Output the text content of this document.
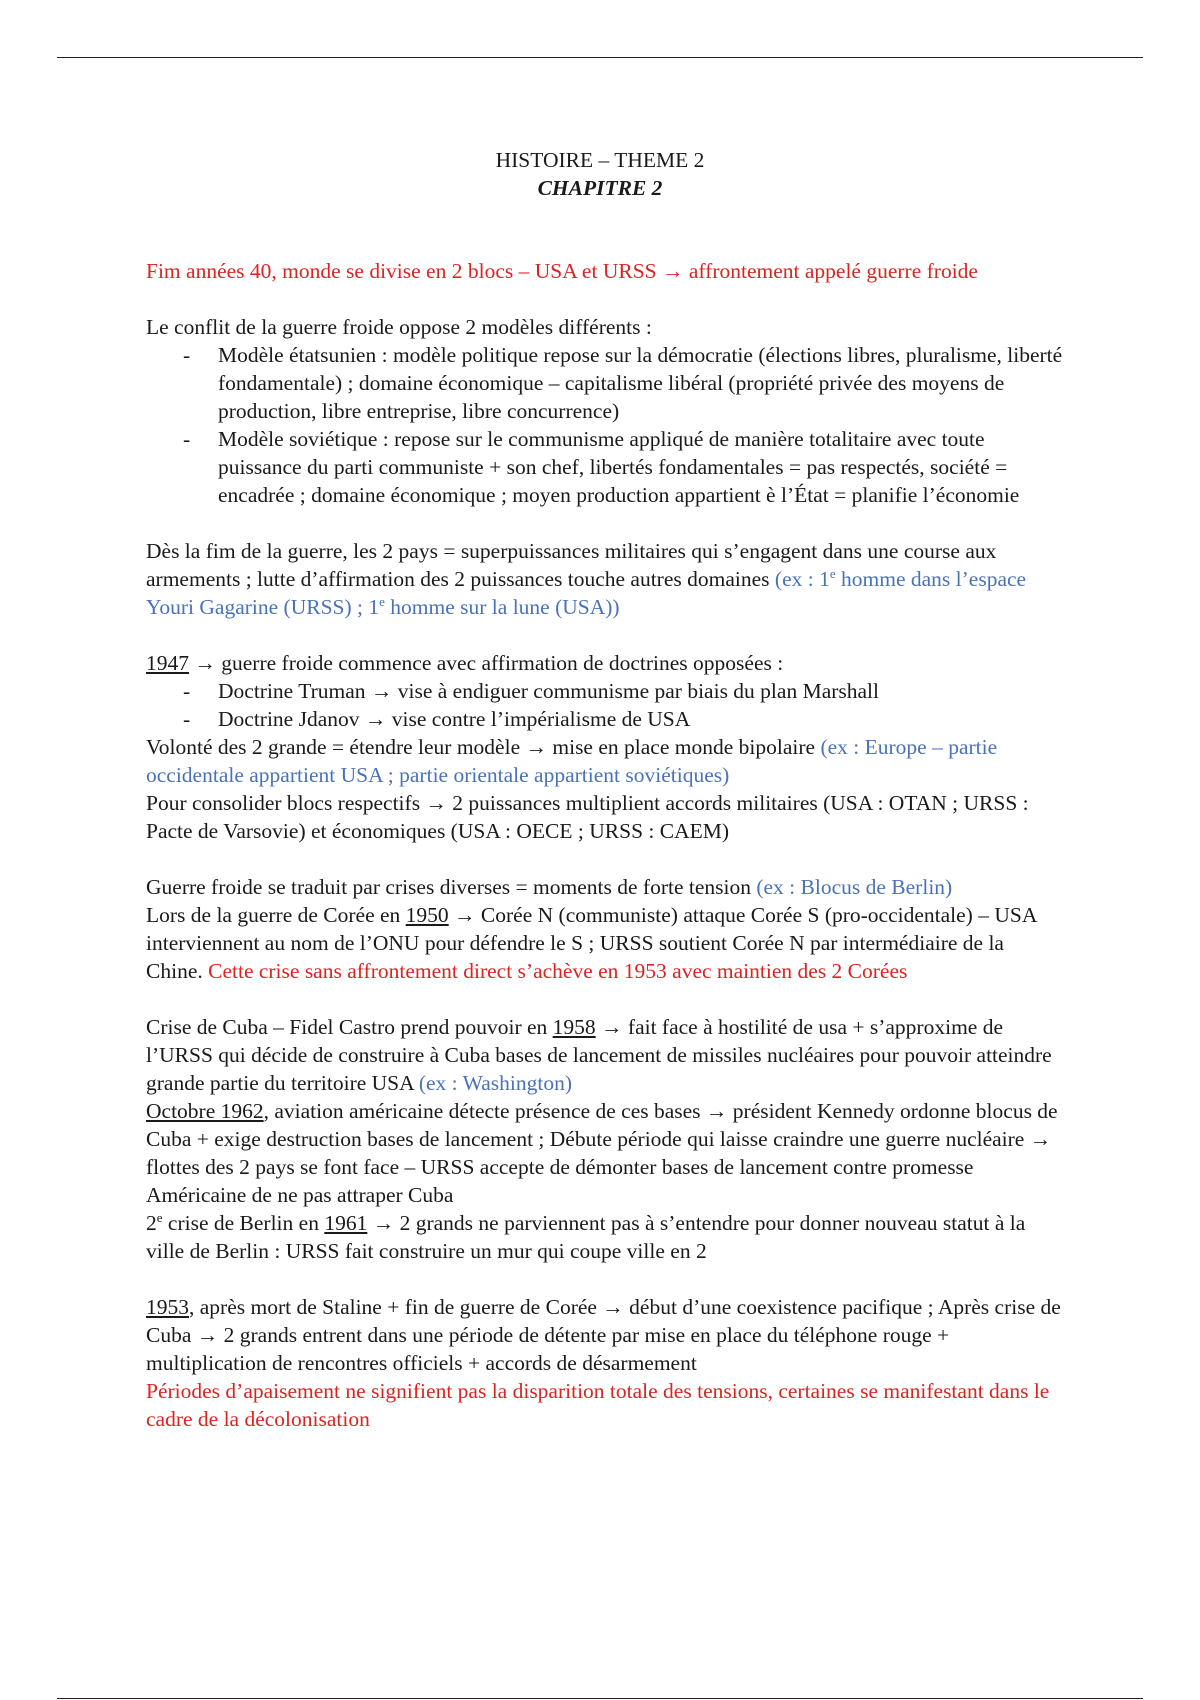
HISTOIRE – THEME 2
CHAPITRE 2

Fim années 40, monde se divise en 2 blocs – USA et URSS → affrontement appelé guerre froide

Le conflit de la guerre froide oppose 2 modèles différents :

- Modèle étatsunien : modèle politique repose sur la démocratie (élections libres, pluralisme, liberté fondamentale) ; domaine économique – capitalisme libéral (propriété privée des moyens de production, libre entreprise, libre concurrence)
- Modèle soviétique : repose sur le communisme appliqué de manière totalitaire avec toute puissance du parti communiste + son chef, libertés fondamentales = pas respectés, société = encadrée ; domaine économique ; moyen production appartient è l’État = planifie l’économie

Dès la fim de la guerre, les 2 pays = superpuissances militaires qui s’engagent dans une course aux armements ; lutte d’affirmation des 2 puissances touche autres domaines (ex : 1e homme dans l’espace Youri Gagarine (URSS) ; 1e homme sur la lune (USA))

1947 → guerre froide commence avec affirmation de doctrines opposées :

- Doctrine Truman → vise à endiguer communisme par biais du plan Marshall
- Doctrine Jdanov → vise contre l’impérialisme de USA

Volonté des 2 grande = étendre leur modèle → mise en place monde bipolaire (ex : Europe – partie occidentale appartient USA ; partie orientale appartient soviétiques)

Pour consolider blocs respectifs → 2 puissances multiplient accords militaires (USA : OTAN ; URSS : Pacte de Varsovie) et économiques (USA : OECE ; URSS : CAEM)

Guerre froide se traduit par crises diverses = moments de forte tension (ex : Blocus de Berlin)

Lors de la guerre de Corée en 1950 → Corée N (communiste) attaque Corée S (pro-occidentale) – USA interviennent au nom de l’ONU pour défendre le S ; URSS soutient Corée N par intermédiaire de la Chine. Cette crise sans affrontement direct s’achève en 1953 avec maintien des 2 Corées

Crise de Cuba – Fidel Castro prend pouvoir en 1958 → fait face à hostilité de usa + s’approxime de l’URSS qui décide de construire à Cuba bases de lancement de missiles nucléaires pour pouvoir atteindre grande partie du territoire USA (ex : Washington)
Octobre 1962, aviation américaine détecte présence de ces bases → président Kennedy ordonne blocus de Cuba + exige destruction bases de lancement ; Débute période qui laisse craindre une guerre nucléaire → flottes des 2 pays se font face – URSS accepte de démonter bases de lancement contre promesse Américaine de ne pas attraper Cuba

2e crise de Berlin en 1961 → 2 grands ne parviennent pas à s’entendre pour donner nouveau statut à la ville de Berlin : URSS fait construire un mur qui coupe ville en 2

1953, après mort de Staline + fin de guerre de Corée → début d’une coexistence pacifique ; Après crise de Cuba → 2 grands entrent dans une période de détente par mise en place du téléphone rouge + multiplication de rencontres officiels + accords de désarmement

Périodes d’apaisement ne signifient pas la disparition totale des tensions, certaines se manifestant dans le cadre de la décolonisation
